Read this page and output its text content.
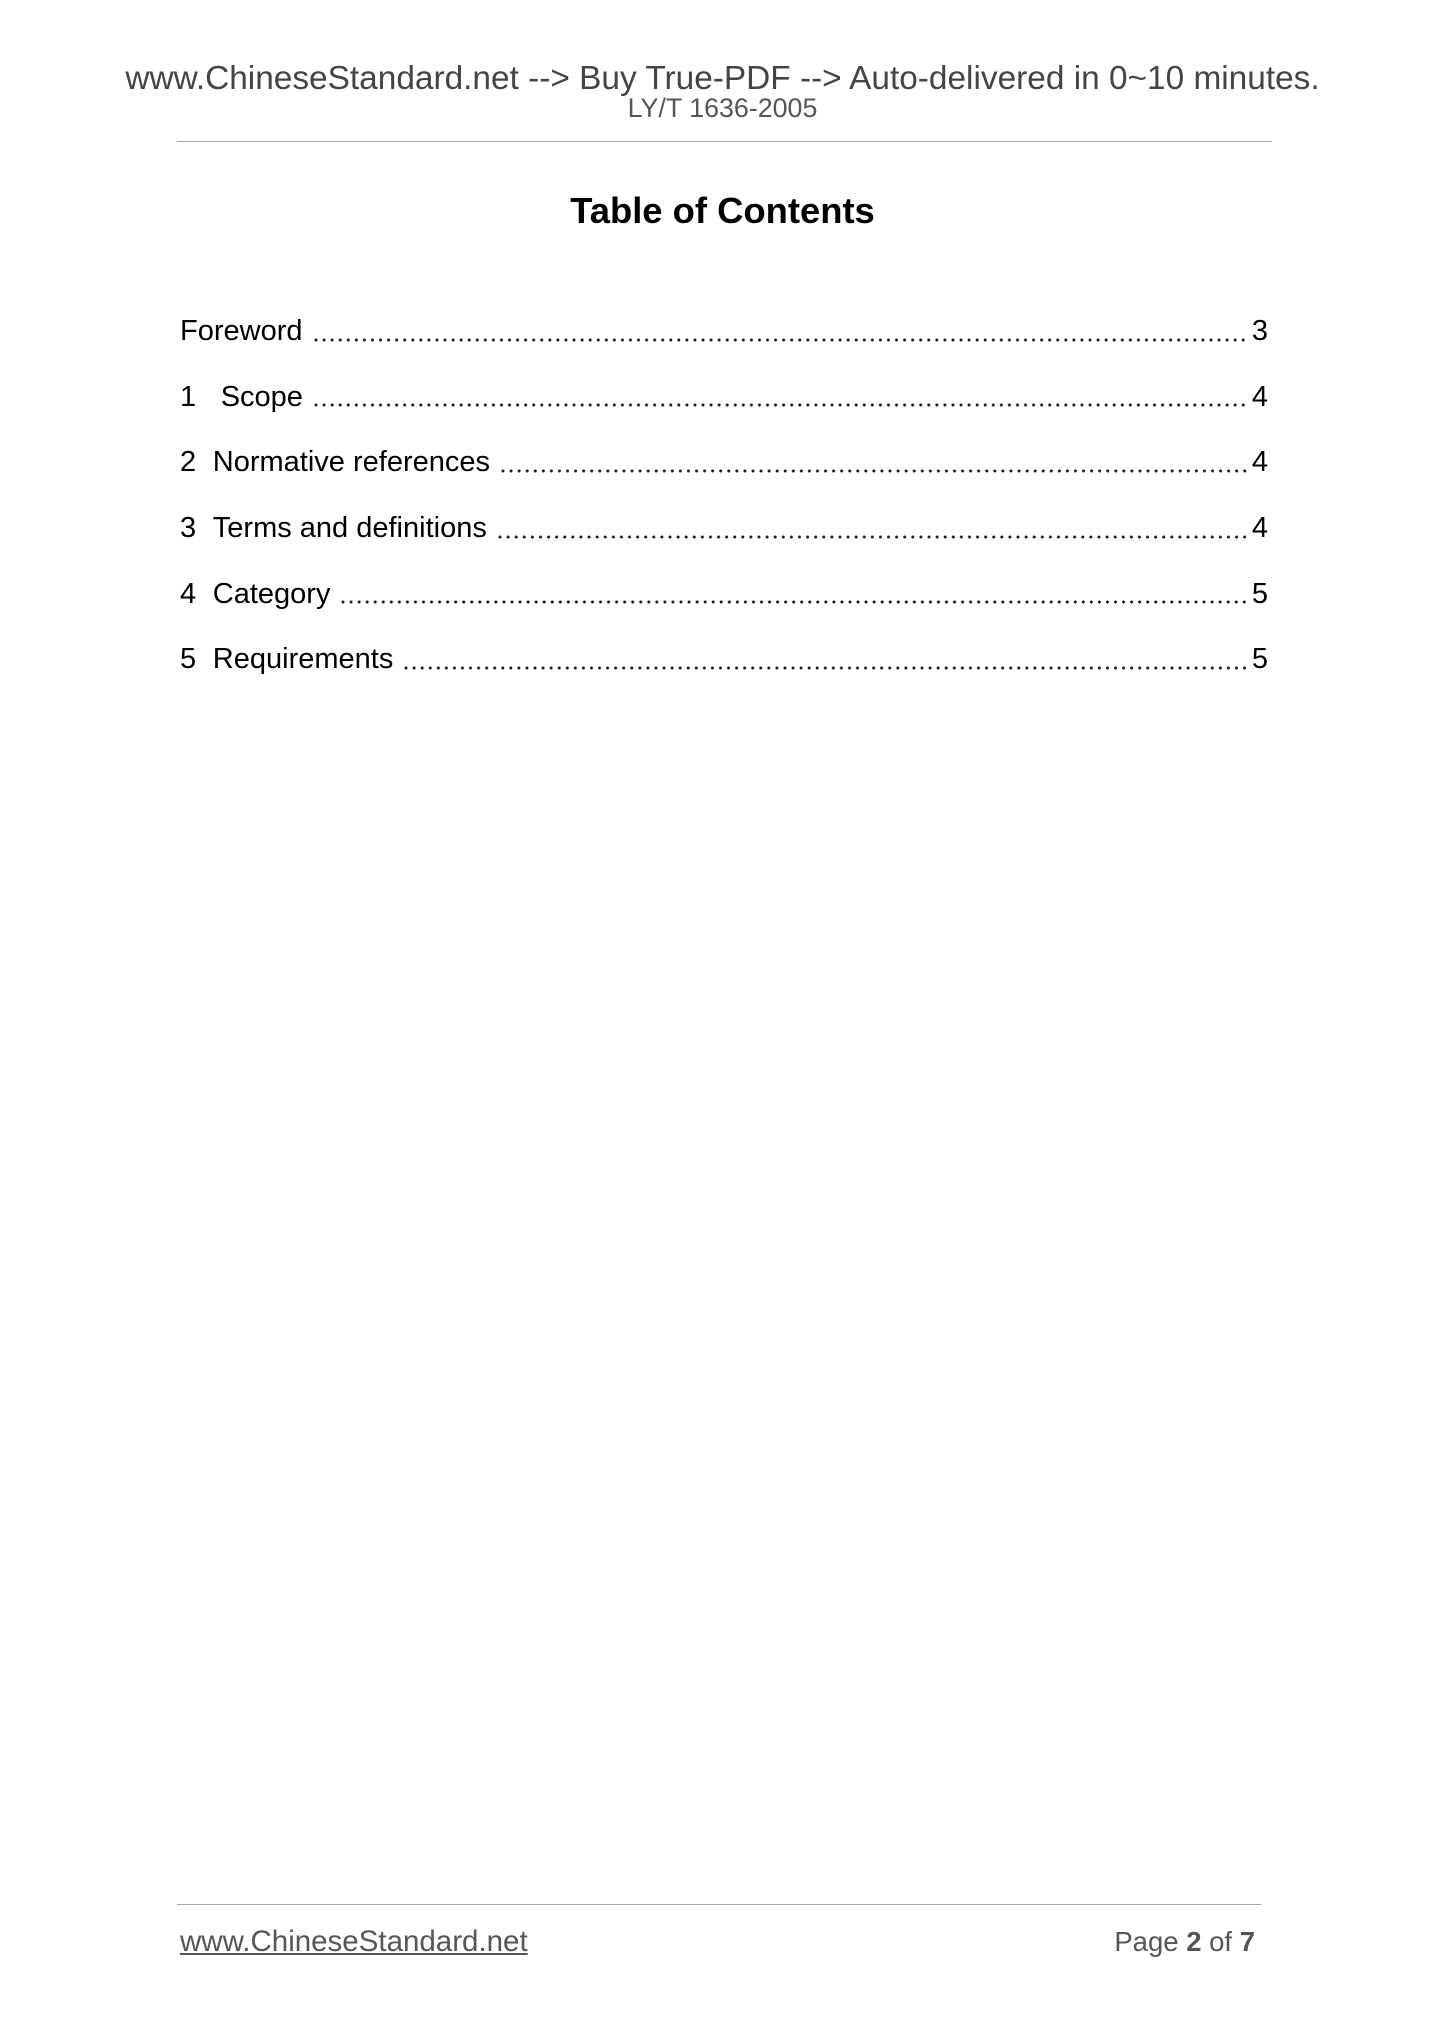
www.ChineseStandard.net --> Buy True-PDF --> Auto-delivered in 0~10 minutes.
LY/T 1636-2005
Table of Contents
Foreword	3
1 Scope	4
2 Normative references	4
3 Terms and definitions	4
4 Category	5
5 Requirements	5
www.ChineseStandard.net	Page 2 of 7
